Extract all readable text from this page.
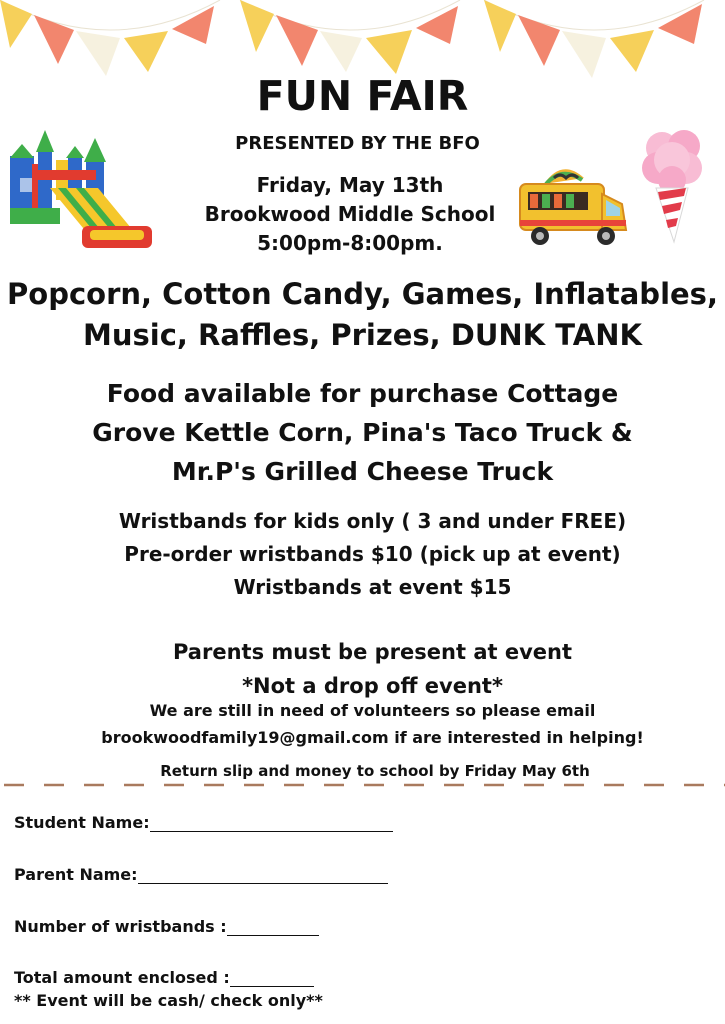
FUN FAIR
PRESENTED BY THE BFO
Friday, May 13th
Brookwood Middle School
5:00pm-8:00pm.
Popcorn, Cotton Candy, Games, Inflatables,
Music, Raffles, Prizes, DUNK TANK
Food available for purchase Cottage
Grove Kettle Corn, Pina's Taco Truck &
Mr.P's Grilled Cheese Truck
Wristbands for kids only ( 3 and under FREE)
Pre-order wristbands $10 (pick up at event)
Wristbands at event $15
Parents must be present at event
*Not a drop off event*
We are still in need of volunteers so please email
brookwoodfamily19@gmail.com if are interested in helping!
Return slip and money to school by Friday May 6th
Student Name:
Parent Name:
Number of wristbands :
Total amount enclosed :
** Event will be cash/ check only**
